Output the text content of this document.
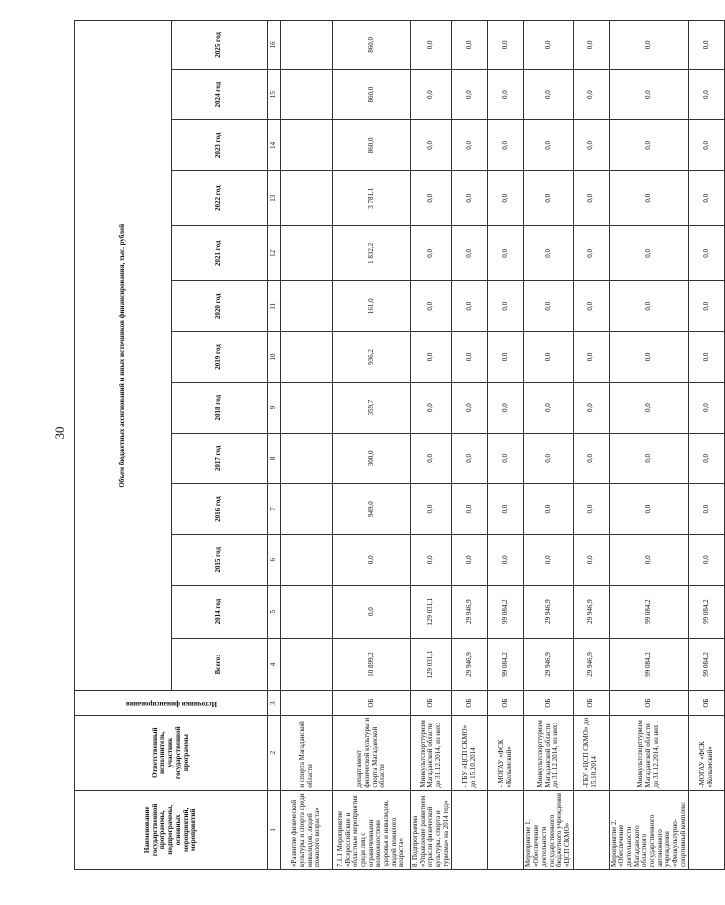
30
Наименование государственной программы, подпрограммы, основных мероприятий, мероприятий	Ответственный исполнитель, участник государственной программы	Источники финансирования	Объем бюджетных ассигнований и иных источников финансирования, тыс. рублей												
			Всего:	2014 год	2015 год	2016 год	2017 год	2018 год	2019 год	2020 год	2021 год	2022 год	2023 год	2024 год	2025 год
1	2	3	4	5	6	7	8	9	10	11	12	13	14	15	16
«Развитие физической культуры и спорта среди инвалидов, людей пожилого возраста»	и спорта Магаданской области														
7.1.1 Мероприятие «Всероссийские и областные мероприятия среди лиц с ограниченными возможностями здоровья и инвалидов, людей пожилого возраста»	департамент физической культуры и спорта Магаданской области	ОБ	10 899,2	0,0	0,0	949,0	300,0	359,7	936,2	161,0	1 832,2	3 781,1	860,0	860,0	860,0
8. Подпрограмма «Управление развитием отрасли физической культуры, спорта и туризма» на 2014 год»	Минкультспорттуризм Магаданской области до 31.12.2014, из них:	ОБ	129 031,1	129 031,1	0,0	0,0	0,0	0,0	0,0	0,0	0,0	0,0	0,0	0,0	0,0
	- ГБУ «ЦСП СКМО» до 15.10.2014	ОБ	29 946,9	29 946,9	0,0	0,0	0,0	0,0	0,0	0,0	0,0	0,0	0,0	0,0	0,0
	- МОГАУ «ФСК «Колымский»	ОБ	99 084,2	99 084,2	0,0	0,0	0,0	0,0	0,0	0,0	0,0	0,0	0,0	0,0	0,0
Мероприятие 1. «Обеспечение деятельности государственного бюджетного учреждения «ЦСП СКМО»	Минкультспорттуризм Магаданской области до 31.12.2014, из них:	ОБ	29 946,9	29 946,9	0,0	0,0	0,0	0,0	0,0	0,0	0,0	0,0	0,0	0,0	0,0
	-ГБУ «ЦСП СКМО» до 15.10.2014	ОБ	29 946,9	29 946,9	0,0	0,0	0,0	0,0	0,0	0,0	0,0	0,0	0,0	0,0	0,0
Мероприятие 2. «Обеспечение деятельности Магаданского областного государственного автономного учреждения «Физкультурно-спортивный комплекс	Минкультспорттуризм Магаданской области до 31.12.2014, из них	ОБ	99 084,2	99 084,2	0,0	0,0	0,0	0,0	0,0	0,0	0,0	0,0	0,0	0,0	0,0
	-МОГАУ «ФСК «Колымский»	ОБ	99 084,2	99 084,2	0,0	0,0	0,0	0,0	0,0	0,0	0,0	0,0	0,0	0,0	0,0
